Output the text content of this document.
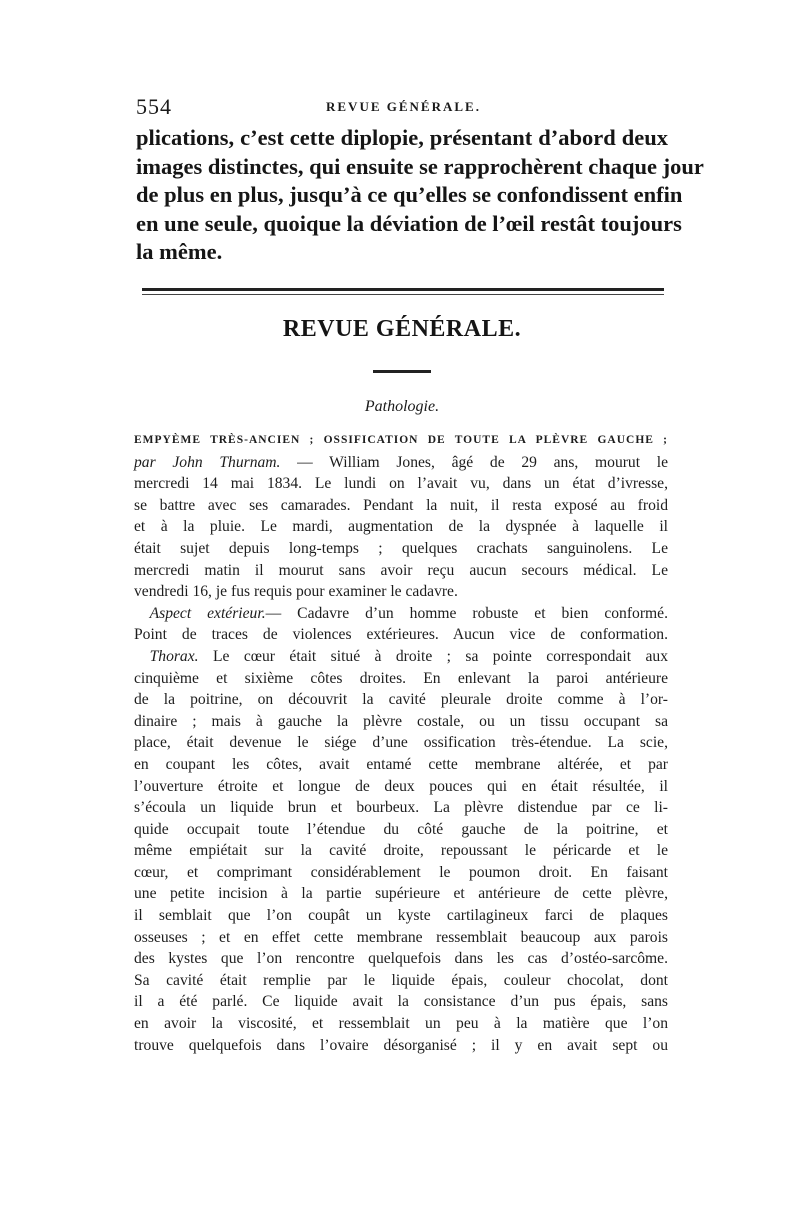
554	REVUE GÉNÉRALE.
plications, c’est cette diplopie, présentant d’abord deux
images distinctes, qui ensuite se rapprochèrent chaque jour
de plus en plus, jusqu’à ce qu’elles se confondissent enfin
en une seule, quoique la déviation de l’œil restât toujours
la même.
REVUE GÉNÉRALE.
Pathologie.
EMPYÈME TRÈS-ANCIEN ; OSSIFICATION DE TOUTE LA PLÈVRE GAUCHE ;
par John Thurnam. — William Jones, âgé de 29 ans, mourut le
mercredi 14 mai 1834. Le lundi on l’avait vu, dans un état d’ivresse,
se battre avec ses camarades. Pendant la nuit, il resta exposé au froid
et à la pluie. Le mardi, augmentation de la dyspnée à laquelle il
était sujet depuis long-temps ; quelques crachats sanguinolens. Le
mercredi matin il mourut sans avoir reçu aucun secours médical. Le
vendredi 16, je fus requis pour examiner le cadavre.
 Aspect extérieur.— Cadavre d’un homme robuste et bien conformé.
Point de traces de violences extérieures. Aucun vice de conformation.
 Thorax. Le cœur était situé à droite ; sa pointe correspondait aux
cinquième et sixième côtes droites. En enlevant la paroi antérieure
de la poitrine, on découvrit la cavité pleurale droite comme à l’or-
dinaire ; mais à gauche la plèvre costale, ou un tissu occupant sa
place, était devenue le siége d’une ossification très-étendue. La scie,
en coupant les côtes, avait entamé cette membrane altérée, et par
l’ouverture étroite et longue de deux pouces qui en était résultée, il
s’écoula un liquide brun et bourbeux. La plèvre distendue par ce li-
quide occupait toute l’étendue du côté gauche de la poitrine, et
même empiétait sur la cavité droite, repoussant le péricarde et le
cœur, et comprimant considérablement le poumon droit. En faisant
une petite incision à la partie supérieure et antérieure de cette plèvre,
il semblait que l’on coupât un kyste cartilagineux farci de plaques
osseuses ; et en effet cette membrane ressemblait beaucoup aux parois
des kystes que l’on rencontre quelquefois dans les cas d’ostéo-sarcôme.
Sa cavité était remplie par le liquide épais, couleur chocolat, dont
il a été parlé. Ce liquide avait la consistance d’un pus épais, sans
en avoir la viscosité, et ressemblait un peu à la matière que l’on
trouve quelquefois dans l’ovaire désorganisé ; il y en avait sept ou
